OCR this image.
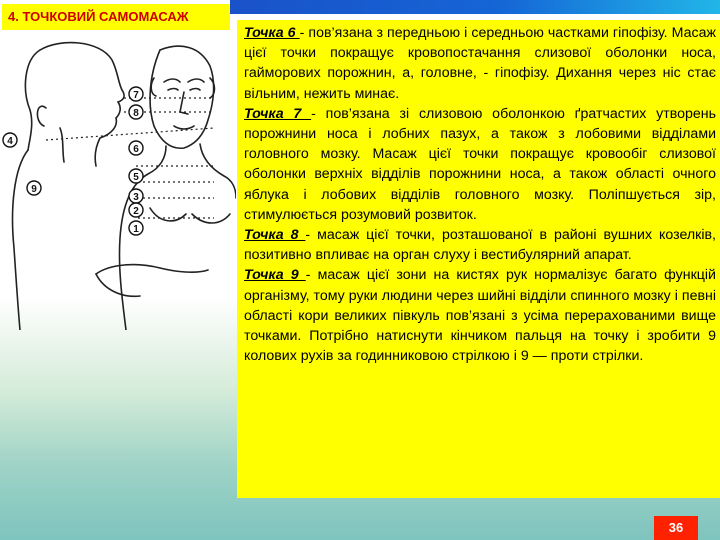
4. ТОЧКОВИЙ САМОМАСАЖ
7
8
6
5
3
2
1
4
9

Точка 6 - пов’язана з передньою і середньою частками гіпофізу. Масаж цієї точки покращує кровопостачання слизової оболонки носа, гайморових порожнин, а, головне, - гіпофізу. Дихання через ніс стає вільним, нежить минає.

Точка 7 - пов’язана зі слизовою оболонкою ґратчастих утворень порожнини носа і лобних пазух, а також з лобовими відділами головного мозку. Масаж цієї точки покращує кровообіг слизової оболонки верхніх відділів порожнини носа, а також області очного яблука і лобових відділів головного мозку. Поліпшується зір, стимулюється розумовий розвиток.

Точка 8 - масаж цієї точки, розташованої в районі вушних козелків, позитивно впливає на орган слуху і вестибулярний апарат.

Точка 9 - масаж цієї зони на кистях рук нормалізує багато функцій організму, тому руки людини через шийні відділи спинного мозку і певні області кори великих півкуль пов’язані з усіма перерахованими вище точками. Потрібно натиснути кінчиком пальця на точку і зробити 9 колових рухів за годинниковою стрілкою і 9 — проти стрілки.

36
